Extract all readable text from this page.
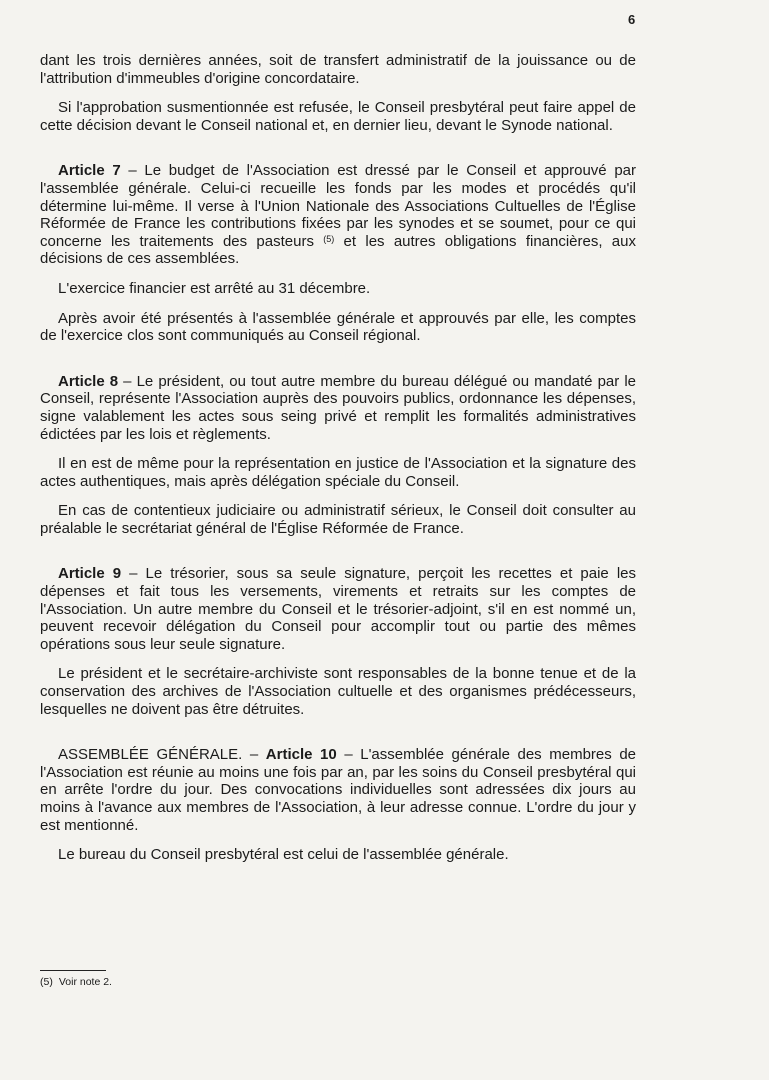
6

dant les trois dernières années, soit de transfert administratif de la jouissance ou de l'attribution d'immeubles d'origine concordataire.

Si l'approbation susmentionnée est refusée, le Conseil presbytéral peut faire appel de cette décision devant le Conseil national et, en dernier lieu, devant le Synode national.

Article 7 – Le budget de l'Association est dressé par le Conseil et approuvé par l'assemblée générale. Celui-ci recueille les fonds par les modes et procédés qu'il détermine lui-même. Il verse à l'Union Nationale des Associations Cultuelles de l'Église Réformée de France les contributions fixées par les synodes et se soumet, pour ce qui concerne les traitements des pasteurs $^{(5)}$ et les autres obligations financières, aux décisions de ces assemblées.

L'exercice financier est arrêté au 31 décembre.

Après avoir été présentés à l'assemblée générale et approuvés par elle, les comptes de l'exercice clos sont communiqués au Conseil régional.

Article 8 – Le président, ou tout autre membre du bureau délégué ou mandaté par le Conseil, représente l'Association auprès des pouvoirs publics, ordonnance les dépenses, signe valablement les actes sous seing privé et remplit les formalités administratives édictées par les lois et règlements.

Il en est de même pour la représentation en justice de l'Association et la signature des actes authentiques, mais après délégation spéciale du Conseil.

En cas de contentieux judiciaire ou administratif sérieux, le Conseil doit consulter au préalable le secrétariat général de l'Église Réformée de France.

Article 9 – Le trésorier, sous sa seule signature, perçoit les recettes et paie les dépenses et fait tous les versements, virements et retraits sur les comptes de l'Association. Un autre membre du Conseil et le trésorier-adjoint, s'il en est nommé un, peuvent recevoir délégation du Conseil pour accomplir tout ou partie des mêmes opérations sous leur seule signature.

Le président et le secrétaire-archiviste sont responsables de la bonne tenue et de la conservation des archives de l'Association cultuelle et des organismes prédécesseurs, lesquelles ne doivent pas être détruites.

ASSEMBLÉE GÉNÉRALE. – Article 10 – L'assemblée générale des membres de l'Association est réunie au moins une fois par an, par les soins du Conseil presbytéral qui en arrête l'ordre du jour. Des convocations individuelles sont adressées dix jours au moins à l'avance aux membres de l'Association, à leur adresse connue. L'ordre du jour y est mentionné.

Le bureau du Conseil presbytéral est celui de l'assemblée générale.

(5) Voir note 2.
